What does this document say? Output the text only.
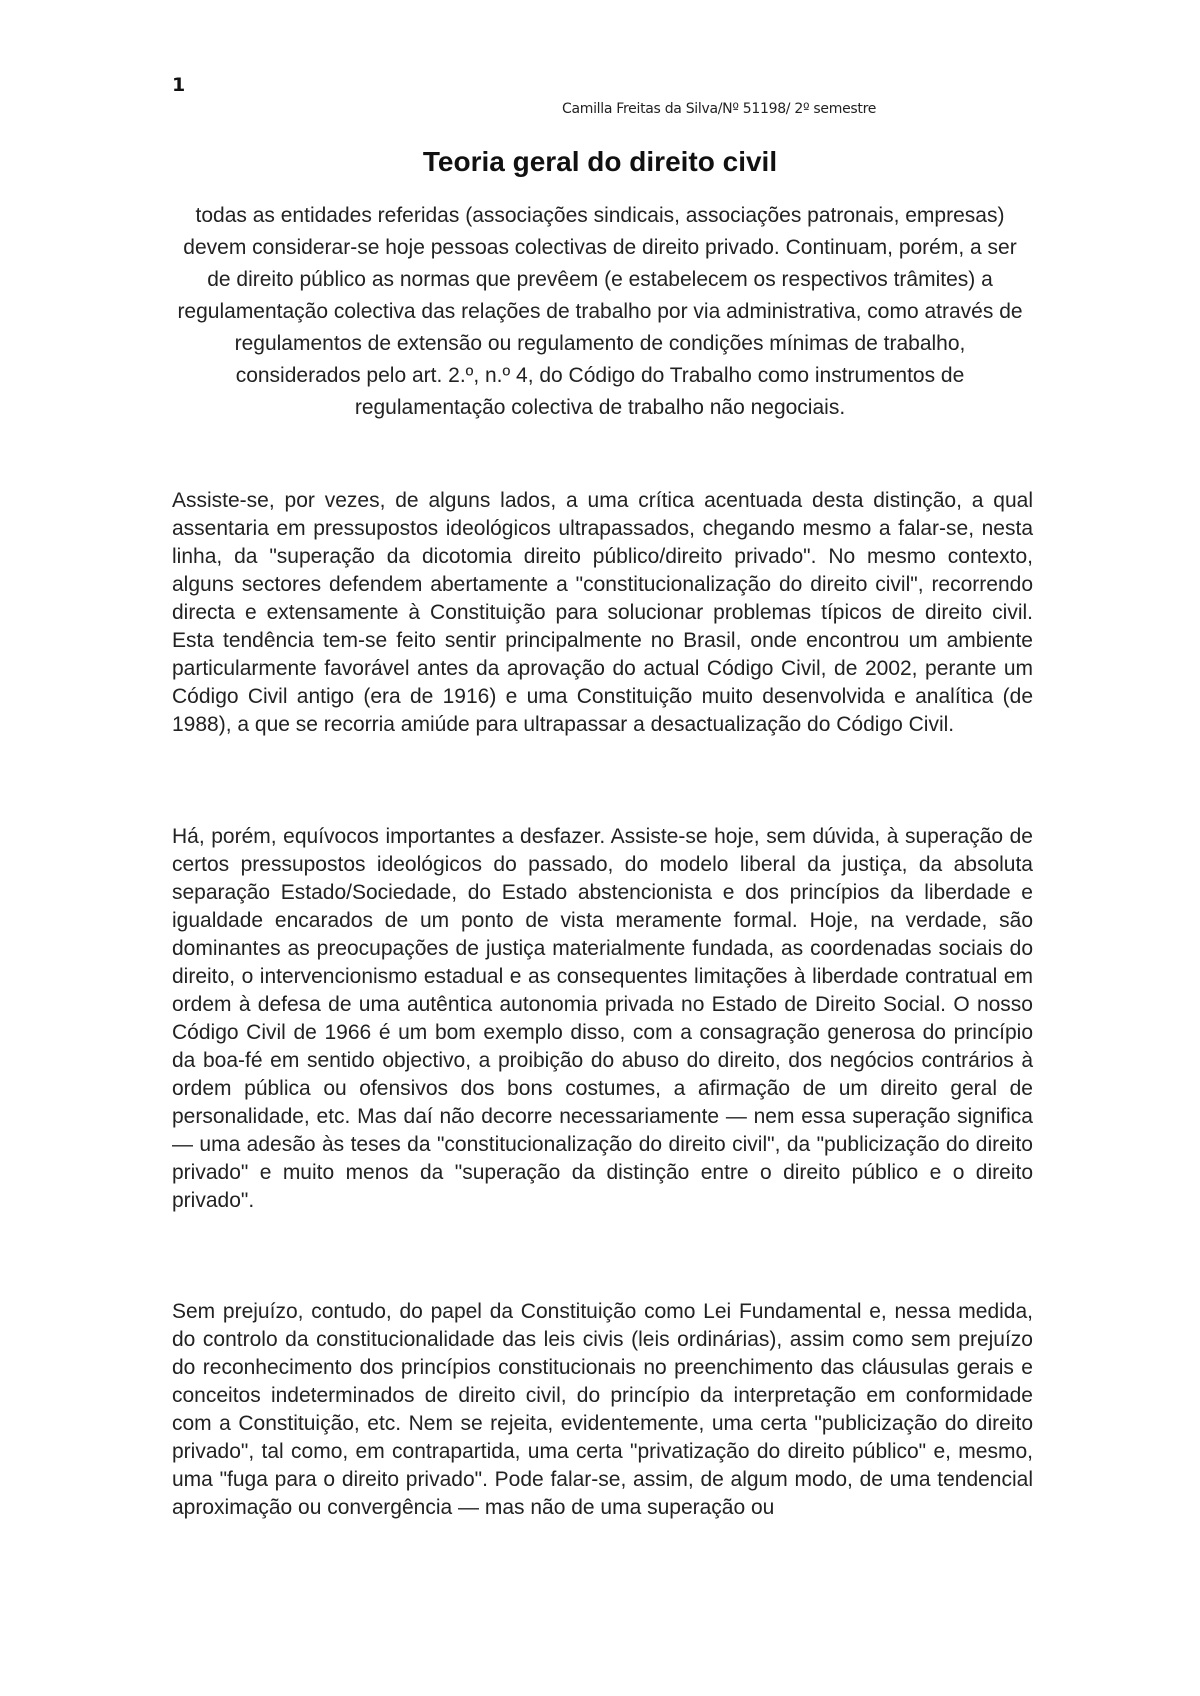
1
Camilla Freitas da Silva/Nº 51198/ 2º semestre
Teoria geral do direito civil
todas as entidades referidas (associações sindicais, associações patronais, empresas) devem considerar-se hoje pessoas colectivas de direito privado. Continuam, porém, a ser de direito público as normas que prevêem (e estabelecem os respectivos trâmites) a regulamentação colectiva das relações de trabalho por via administrativa, como através de regulamentos de extensão ou regulamento de condições mínimas de trabalho, considerados pelo art. 2.º, n.º 4, do Código do Trabalho como instrumentos de regulamentação colectiva de trabalho não negociais.

Assiste-se, por vezes, de alguns lados, a uma crítica acentuada desta distinção, a qual assentaria em pressupostos ideológicos ultrapassados, chegando mesmo a falar-se, nesta linha, da "superação da dicotomia direito público/direito privado". No mesmo contexto, alguns sectores defendem abertamente a "constitucionalização do direito civil", recorrendo directa e extensamente à Constituição para solucionar problemas típicos de direito civil. Esta tendência tem-se feito sentir principalmente no Brasil, onde encontrou um ambiente particularmente favorável antes da aprovação do actual Código Civil, de 2002, perante um Código Civil antigo (era de 1916) e uma Constituição muito desenvolvida e analítica (de 1988), a que se recorria amiúde para ultrapassar a desactualização do Código Civil.

Há, porém, equívocos importantes a desfazer. Assiste-se hoje, sem dúvida, à superação de certos pressupostos ideológicos do passado, do modelo liberal da justiça, da absoluta separação Estado/Sociedade, do Estado abstencionista e dos princípios da liberdade e igualdade encarados de um ponto de vista meramente formal. Hoje, na verdade, são dominantes as preocupações de justiça materialmente fundada, as coordenadas sociais do direito, o intervencionismo estadual e as consequentes limitações à liberdade contratual em ordem à defesa de uma autêntica autonomia privada no Estado de Direito Social. O nosso Código Civil de 1966 é um bom exemplo disso, com a consagração generosa do princípio da boa-fé em sentido objectivo, a proibição do abuso do direito, dos negócios contrários à ordem pública ou ofensivos dos bons costumes, a afirmação de um direito geral de personalidade, etc. Mas daí não decorre necessariamente — nem essa superação significa — uma adesão às teses da "constitucionalização do direito civil", da "publicização do direito privado" e muito menos da "superação da distinção entre o direito público e o direito privado".

Sem prejuízo, contudo, do papel da Constituição como Lei Fundamental e, nessa medida, do controlo da constitucionalidade das leis civis (leis ordinárias), assim como sem prejuízo do reconhecimento dos princípios constitucionais no preenchimento das cláusulas gerais e conceitos indeterminados de direito civil, do princípio da interpretação em conformidade com a Constituição, etc. Nem se rejeita, evidentemente, uma certa "publicização do direito privado", tal como, em contrapartida, uma certa "privatização do direito público" e, mesmo, uma "fuga para o direito privado". Pode falar-se, assim, de algum modo, de uma tendencial aproximação ou convergência — mas não de uma superação ou
